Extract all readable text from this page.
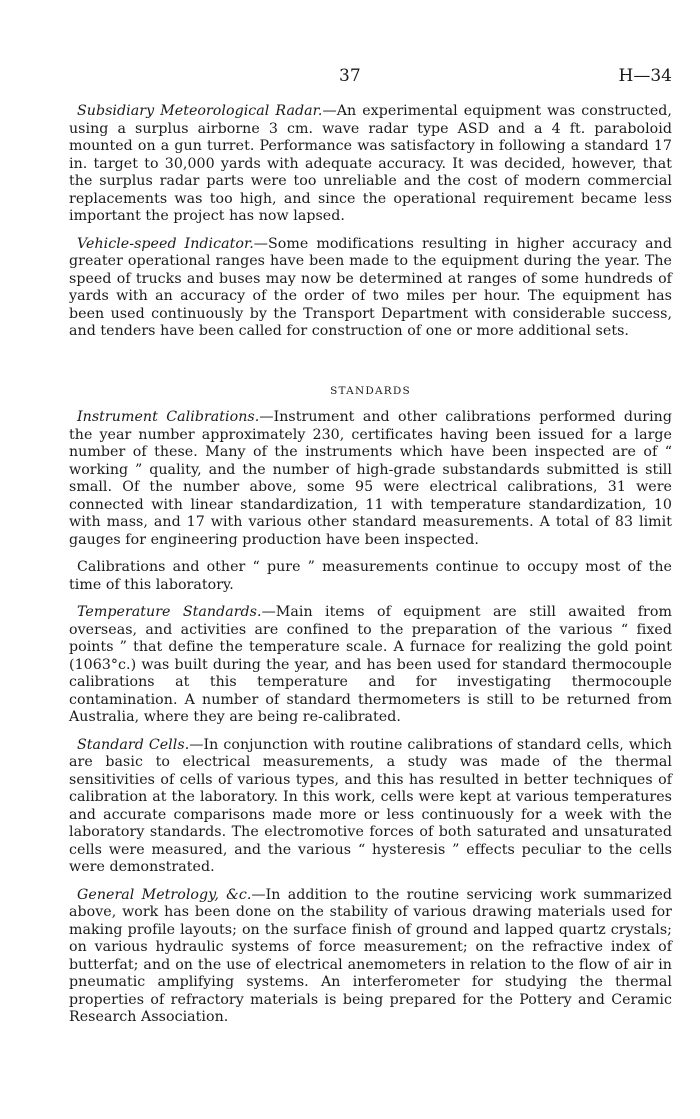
37	H—34

Subsidiary Meteorological Radar.—An experimental equipment was constructed, using a surplus airborne 3 cm. wave radar type ASD and a 4 ft. paraboloid mounted on a gun turret. Performance was satisfactory in following a standard 17 in. target to 30,000 yards with adequate accuracy. It was decided, however, that the surplus radar parts were too unreliable and the cost of modern commercial replacements was too high, and since the operational requirement became less important the project has now lapsed.

Vehicle-speed Indicator.—Some modifications resulting in higher accuracy and greater operational ranges have been made to the equipment during the year. The speed of trucks and buses may now be determined at ranges of some hundreds of yards with an accuracy of the order of two miles per hour. The equipment has been used continuously by the Transport Department with considerable success, and tenders have been called for construction of one or more additional sets.

STANDARDS

Instrument Calibrations.—Instrument and other calibrations performed during the year number approximately 230, certificates having been issued for a large number of these. Many of the instruments which have been inspected are of “ working ” quality, and the number of high-grade substandards submitted is still small. Of the number above, some 95 were electrical calibrations, 31 were connected with linear standardization, 11 with temperature standardization, 10 with mass, and 17 with various other standard measurements. A total of 83 limit gauges for engineering production have been inspected.

Calibrations and other “ pure ” measurements continue to occupy most of the time of this laboratory.

Temperature Standards.—Main items of equipment are still awaited from overseas, and activities are confined to the preparation of the various “ fixed points ” that define the temperature scale. A furnace for realizing the gold point (1063°c.) was built during the year, and has been used for standard thermocouple calibrations at this temperature and for investigating thermocouple contamination. A number of standard thermometers is still to be returned from Australia, where they are being re-calibrated.

Standard Cells.—In conjunction with routine calibrations of standard cells, which are basic to electrical measurements, a study was made of the thermal sensitivities of cells of various types, and this has resulted in better techniques of calibration at the laboratory. In this work, cells were kept at various temperatures and accurate comparisons made more or less continuously for a week with the laboratory standards. The electromotive forces of both saturated and unsaturated cells were measured, and the various “ hysteresis ” effects peculiar to the cells were demonstrated.

General Metrology, &c.—In addition to the routine servicing work summarized above, work has been done on the stability of various drawing materials used for making profile layouts; on the surface finish of ground and lapped quartz crystals; on various hydraulic systems of force measurement; on the refractive index of butterfat; and on the use of electrical anemometers in relation to the flow of air in pneumatic amplifying systems. An interferometer for studying the thermal properties of refractory materials is being prepared for the Pottery and Ceramic Research Association.
